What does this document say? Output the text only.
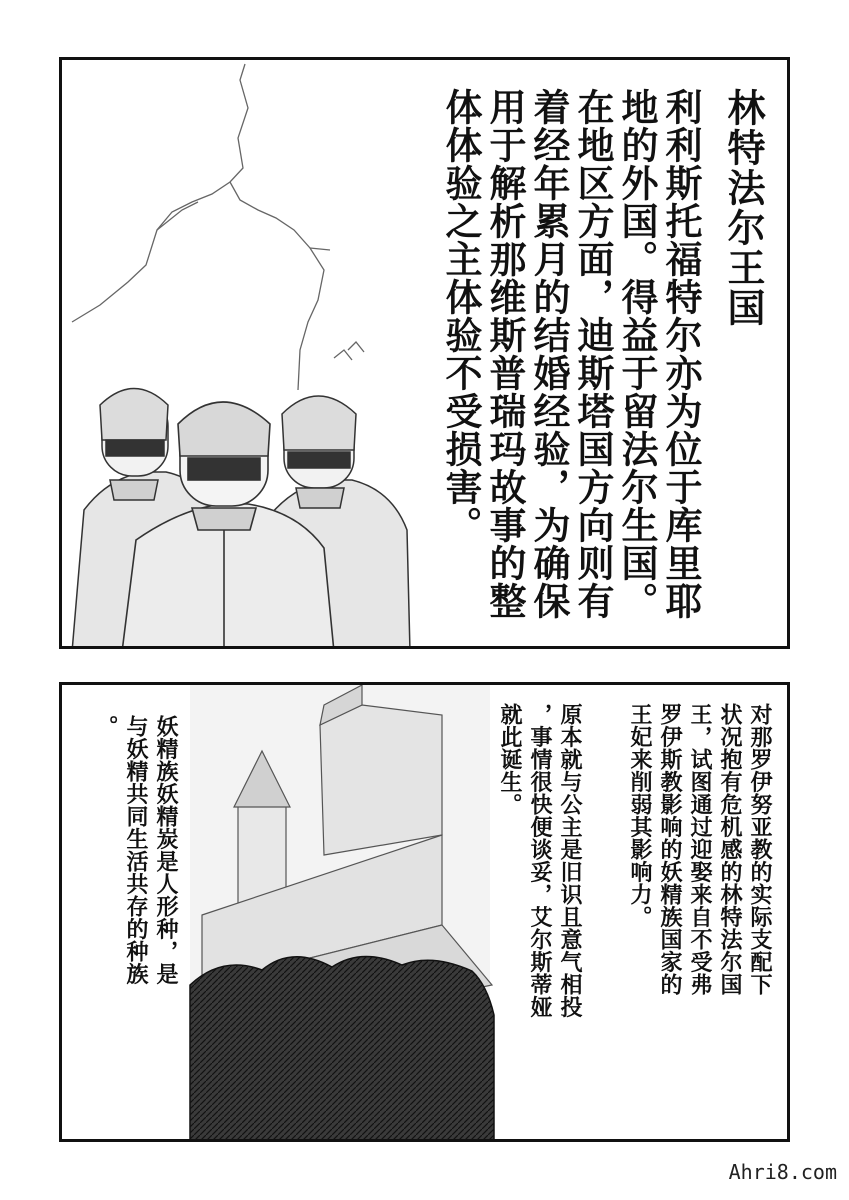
林特法尔王国
利利斯托福特尔亦为位于库里耶
地的外国。得益于留法尔生国。
在地区方面，迪斯塔国方向则有
着经年累月的结婚经验，为确保
用于解析那维斯普瑞玛故事的整
体体验之主体验不受损害。
对那罗伊努亚教的实际支配下
状况抱有危机感的林特法尔国
王，试图通过迎娶来自不受弗
罗伊斯教影响的妖精族国家的
王妃来削弱其影响力。
原本就与公主是旧识且意气相投
，事情很快便谈妥，艾尔斯蒂娅
就此诞生。
妖精族妖精炭是人形种，是
与妖精共同生活共存的种族
。
Ahri8.com
